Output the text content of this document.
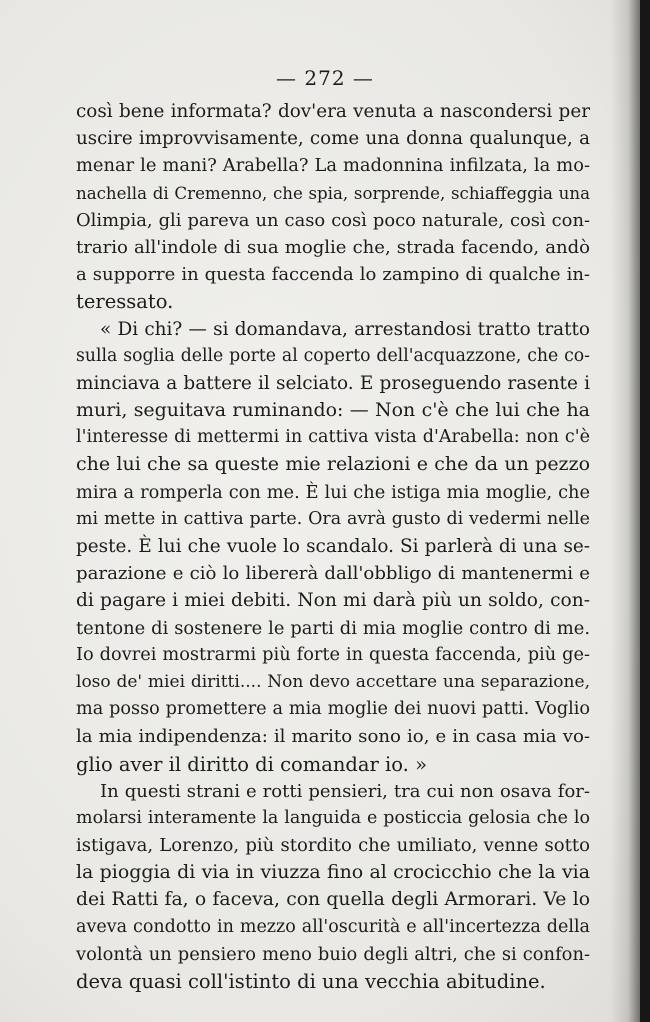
— 272 —
così bene informata? dov'era venuta a nascondersi per
uscire improvvisamente, come una donna qualunque, a
menar le mani? Arabella? La madonnina infilzata, la mo-
nachella di Cremenno, che spia, sorprende, schiaffeggia una
Olimpia, gli pareva un caso così poco naturale, così con-
trario all'indole di sua moglie che, strada facendo, andò
a supporre in questa faccenda lo zampino di qualche in-
teressato.
« Di chi? — si domandava, arrestandosi tratto tratto
sulla soglia delle porte al coperto dell'acquazzone, che co-
minciava a battere il selciato. E proseguendo rasente i
muri, seguitava ruminando: — Non c'è che lui che ha
l'interesse di mettermi in cattiva vista d'Arabella: non c'è
che lui che sa queste mie relazioni e che da un pezzo
mira a romperla con me. È lui che istiga mia moglie, che
mi mette in cattiva parte. Ora avrà gusto di vedermi nelle
peste. È lui che vuole lo scandalo. Si parlerà di una se-
parazione e ciò lo libererà dall'obbligo di mantenermi e
di pagare i miei debiti. Non mi darà più un soldo, con-
tentone di sostenere le parti di mia moglie contro di me.
Io dovrei mostrarmi più forte in questa faccenda, più ge-
loso de' miei diritti.... Non devo accettare una separazione,
ma posso promettere a mia moglie dei nuovi patti. Voglio
la mia indipendenza: il marito sono io, e in casa mia vo-
glio aver il diritto di comandar io. »
In questi strani e rotti pensieri, tra cui non osava for-
molarsi interamente la languida e posticcia gelosia che lo
istigava, Lorenzo, più stordito che umiliato, venne sotto
la pioggia di via in viuzza fino al crocicchio che la via
dei Ratti fa, o faceva, con quella degli Armorari. Ve lo
aveva condotto in mezzo all'oscurità e all'incertezza della
volontà un pensiero meno buio degli altri, che si confon-
deva quasi coll'istinto di una vecchia abitudine.
